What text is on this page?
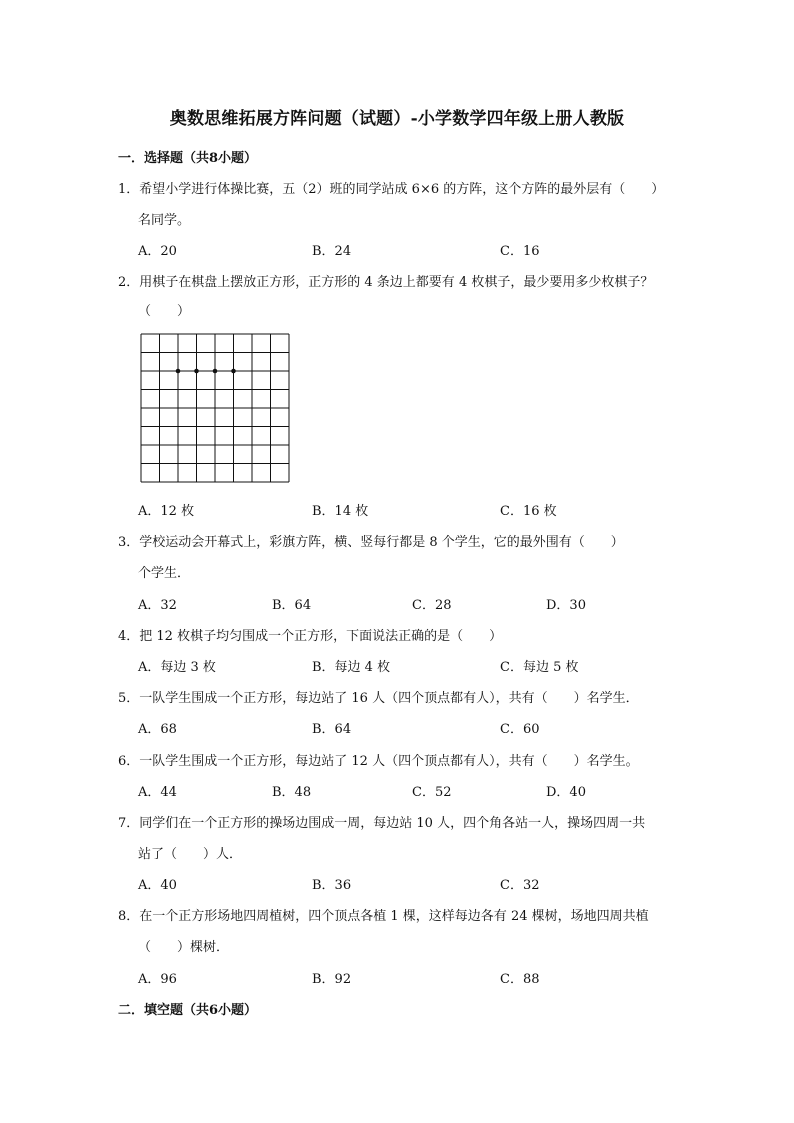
奥数思维拓展方阵问题（试题）-小学数学四年级上册人教版
一．选择题（共8小题）
1．希望小学进行体操比赛，五（2）班的同学站成 6×6 的方阵，这个方阵的最外层有（　　）
名同学。
A．20	B．24	C．16
2．用棋子在棋盘上摆放正方形，正方形的 4 条边上都要有 4 枚棋子，最少要用多少枚棋子？
（　　）
A．12 枚	B．14 枚	C．16 枚
3．学校运动会开幕式上，彩旗方阵，横、竖每行都是 8 个学生，它的最外围有（　　）
个学生．
A．32	B．64	C．28	D．30
4．把 12 枚棋子均匀围成一个正方形，下面说法正确的是（　　）
A．每边 3 枚	B．每边 4 枚	C．每边 5 枚
5．一队学生围成一个正方形，每边站了 16 人（四个顶点都有人），共有（　　）名学生．
A．68	B．64	C．60
6．一队学生围成一个正方形，每边站了 12 人（四个顶点都有人），共有（　　）名学生。
A．44	B．48	C．52	D．40
7．同学们在一个正方形的操场边围成一周，每边站 10 人，四个角各站一人，操场四周一共
站了（　　）人．
A．40	B．36	C．32
8．在一个正方形场地四周植树，四个顶点各植 1 棵，这样每边各有 24 棵树，场地四周共植
（　　）棵树．
A．96	B．92	C．88
二．填空题（共6小题）
